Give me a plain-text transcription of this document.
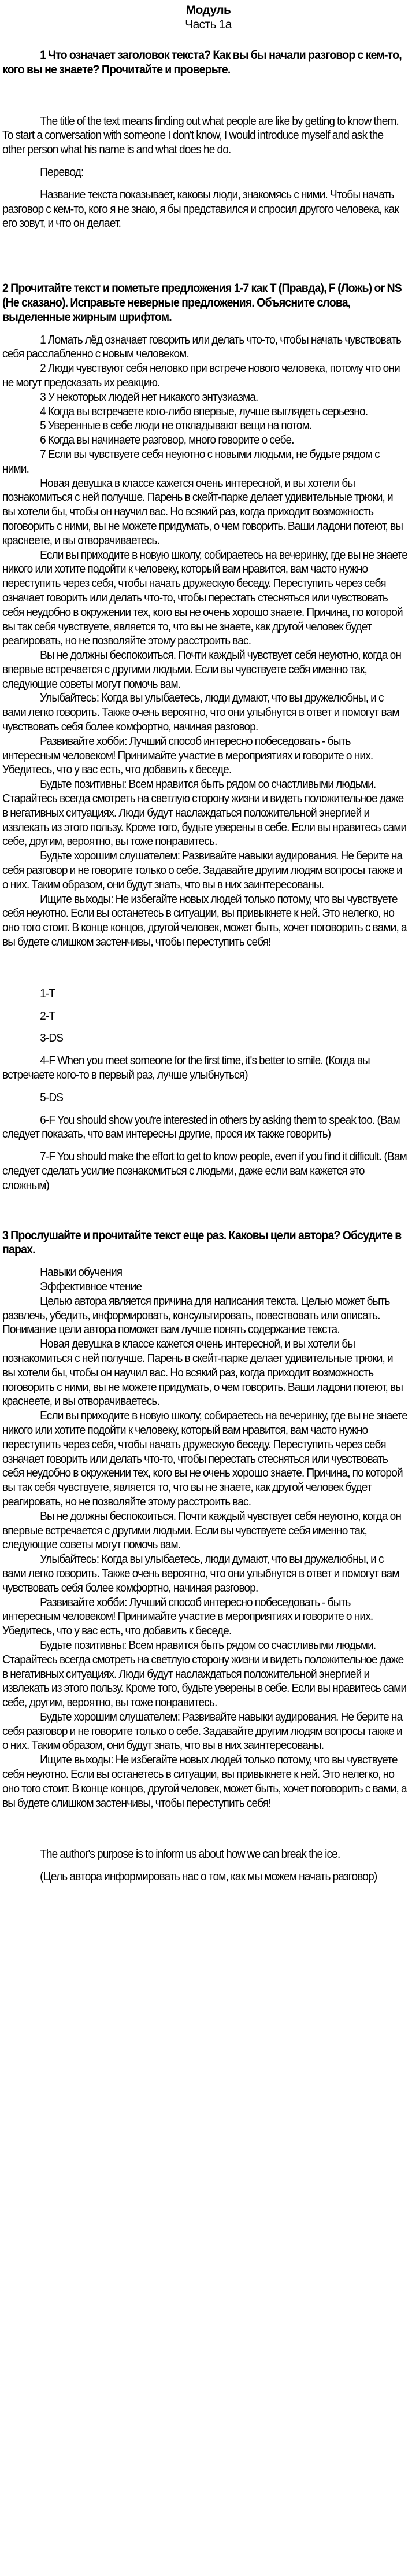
Модуль
Часть 1а

1 Что означает заголовок текста? Как вы бы начали разговор с кем-то, кого вы не знаете? Прочитайте и проверьте.

The title of the text means finding out what people are like by getting to know them. To start a conversation with someone I don't know, I would introduce myself and ask the other person what his name is and what does he do.

Перевод:

Название текста показывает, каковы люди, знакомясь с ними. Чтобы начать разговор с кем-то, кого я не знаю, я бы представился и спросил другого человека, как его зовут, и что он делает.

2 Прочитайте текст и пометьте предложения 1-7 как T (Правда), F (Ложь) or NS (Не сказано). Исправьте неверные предложения. Объясните слова, выделенные жирным шрифтом.

1 Ломать лёд означает говорить или делать что-то, чтобы начать чувствовать себя расслабленно с новым человеком.

2 Люди чувствуют себя неловко при встрече нового человека, потому что они не могут предсказать их реакцию.

3 У некоторых людей нет никакого энтузиазма.

4 Когда вы встречаете кого-либо впервые, лучше выглядеть серьезно.

5 Уверенные в себе люди не откладывают вещи на потом.

6 Когда вы начинаете разговор, много говорите о себе.

7 Если вы чувствуете себя неуютно с новыми людьми, не будьте рядом с ними.

Новая девушка в классе кажется очень интересной, и вы хотели бы познакомиться с ней получше. Парень в скейт-парке делает удивительные трюки, и вы хотели бы, чтобы он научил вас. Но всякий раз, когда приходит возможность поговорить с ними, вы не можете придумать, о чем говорить. Ваши ладони потеют, вы краснеете, и вы отворачиваетесь.

Если вы приходите в новую школу, собираетесь на вечеринку, где вы не знаете никого или хотите подойти к человеку, который вам нравится, вам часто нужно переступить через себя, чтобы начать дружескую беседу. Переступить через себя означает говорить или делать что-то, чтобы перестать стесняться или чувствовать себя неудобно в окружении тех, кого вы не очень хорошо знаете. Причина, по которой вы так себя чувствуете, является то, что вы не знаете, как другой человек будет реагировать, но не позволяйте этому расстроить вас.

Вы не должны беспокоиться. Почти каждый чувствует себя неуютно, когда он впервые встречается с другими людьми. Если вы чувствуете себя именно так, следующие советы могут помочь вам.

Улыбайтесь: Когда вы улыбаетесь, люди думают, что вы дружелюбны, и с вами легко говорить. Также очень вероятно, что они улыбнутся в ответ и помогут вам чувствовать себя более комфортно, начиная разговор.

Развивайте хобби: Лучший способ интересно побеседовать - быть интересным человеком! Принимайте участие в мероприятиях и говорите о них. Убедитесь, что у вас есть, что добавить к беседе.

Будьте позитивны: Всем нравится быть рядом со счастливыми людьми. Старайтесь всегда смотреть на светлую сторону жизни и видеть положительное даже в негативных ситуациях. Люди будут наслаждаться положительной энергией и извлекать из этого пользу. Кроме того, будьте уверены в себе. Если вы нравитесь сами себе, другим, вероятно, вы тоже понравитесь.

Будьте хорошим слушателем: Развивайте навыки аудирования. Не берите на себя разговор и не говорите только о себе. Задавайте другим людям вопросы также и о них. Таким образом, они будут знать, что вы в них заинтересованы.

Ищите выходы: Не избегайте новых людей только потому, что вы чувствуете себя неуютно. Если вы останетесь в ситуации, вы привыкнете к ней. Это нелегко, но оно того стоит. В конце концов, другой человек, может быть, хочет поговорить с вами, а вы будете слишком застенчивы, чтобы переступить себя!

1-T

2-T

3-DS

4-F When you meet someone for the first time, it's better to smile. (Когда вы встречаете кого-то в первый раз, лучше улыбнуться)

5-DS

6-F You should show you're interested in others by asking them to speak too. (Вам следует показать, что вам интересны другие, прося их также говорить)

7-F You should make the effort to get to know people, even if you find it difficult. (Вам следует сделать усилие познакомиться с людьми, даже если вам кажется это сложным)

3 Прослушайте и прочитайте текст еще раз. Каковы цели автора? Обсудите в парах.

Навыки обучения

Эффективное чтение

Целью автора является причина для написания текста. Целью может быть развлечь, убедить, информировать, консультировать, повествовать или описать. Понимание цели автора поможет вам лучше понять содержание текста.

Новая девушка в классе кажется очень интересной, и вы хотели бы познакомиться с ней получше. Парень в скейт-парке делает удивительные трюки, и вы хотели бы, чтобы он научил вас. Но всякий раз, когда приходит возможность поговорить с ними, вы не можете придумать, о чем говорить. Ваши ладони потеют, вы краснеете, и вы отворачиваетесь.

Если вы приходите в новую школу, собираетесь на вечеринку, где вы не знаете никого или хотите подойти к человеку, который вам нравится, вам часто нужно переступить через себя, чтобы начать дружескую беседу. Переступить через себя означает говорить или делать что-то, чтобы перестать стесняться или чувствовать себя неудобно в окружении тех, кого вы не очень хорошо знаете. Причина, по которой вы так себя чувствуете, является то, что вы не знаете, как другой человек будет реагировать, но не позволяйте этому расстроить вас.

Вы не должны беспокоиться. Почти каждый чувствует себя неуютно, когда он впервые встречается с другими людьми. Если вы чувствуете себя именно так, следующие советы могут помочь вам.

Улыбайтесь: Когда вы улыбаетесь, люди думают, что вы дружелюбны, и с вами легко говорить. Также очень вероятно, что они улыбнутся в ответ и помогут вам чувствовать себя более комфортно, начиная разговор.

Развивайте хобби: Лучший способ интересно побеседовать - быть интересным человеком! Принимайте участие в мероприятиях и говорите о них. Убедитесь, что у вас есть, что добавить к беседе.

Будьте позитивны: Всем нравится быть рядом со счастливыми людьми. Старайтесь всегда смотреть на светлую сторону жизни и видеть положительное даже в негативных ситуациях. Люди будут наслаждаться положительной энергией и извлекать из этого пользу. Кроме того, будьте уверены в себе. Если вы нравитесь сами себе, другим, вероятно, вы тоже понравитесь.

Будьте хорошим слушателем: Развивайте навыки аудирования. Не берите на себя разговор и не говорите только о себе. Задавайте другим людям вопросы также и о них. Таким образом, они будут знать, что вы в них заинтересованы.

Ищите выходы: Не избегайте новых людей только потому, что вы чувствуете себя неуютно. Если вы останетесь в ситуации, вы привыкнете к ней. Это нелегко, но оно того стоит. В конце концов, другой человек, может быть, хочет поговорить с вами, а вы будете слишком застенчивы, чтобы переступить себя!

The author's purpose is to inform us about how we can break the ice.

(Цель автора информировать нас о том, как мы можем начать разговор)
